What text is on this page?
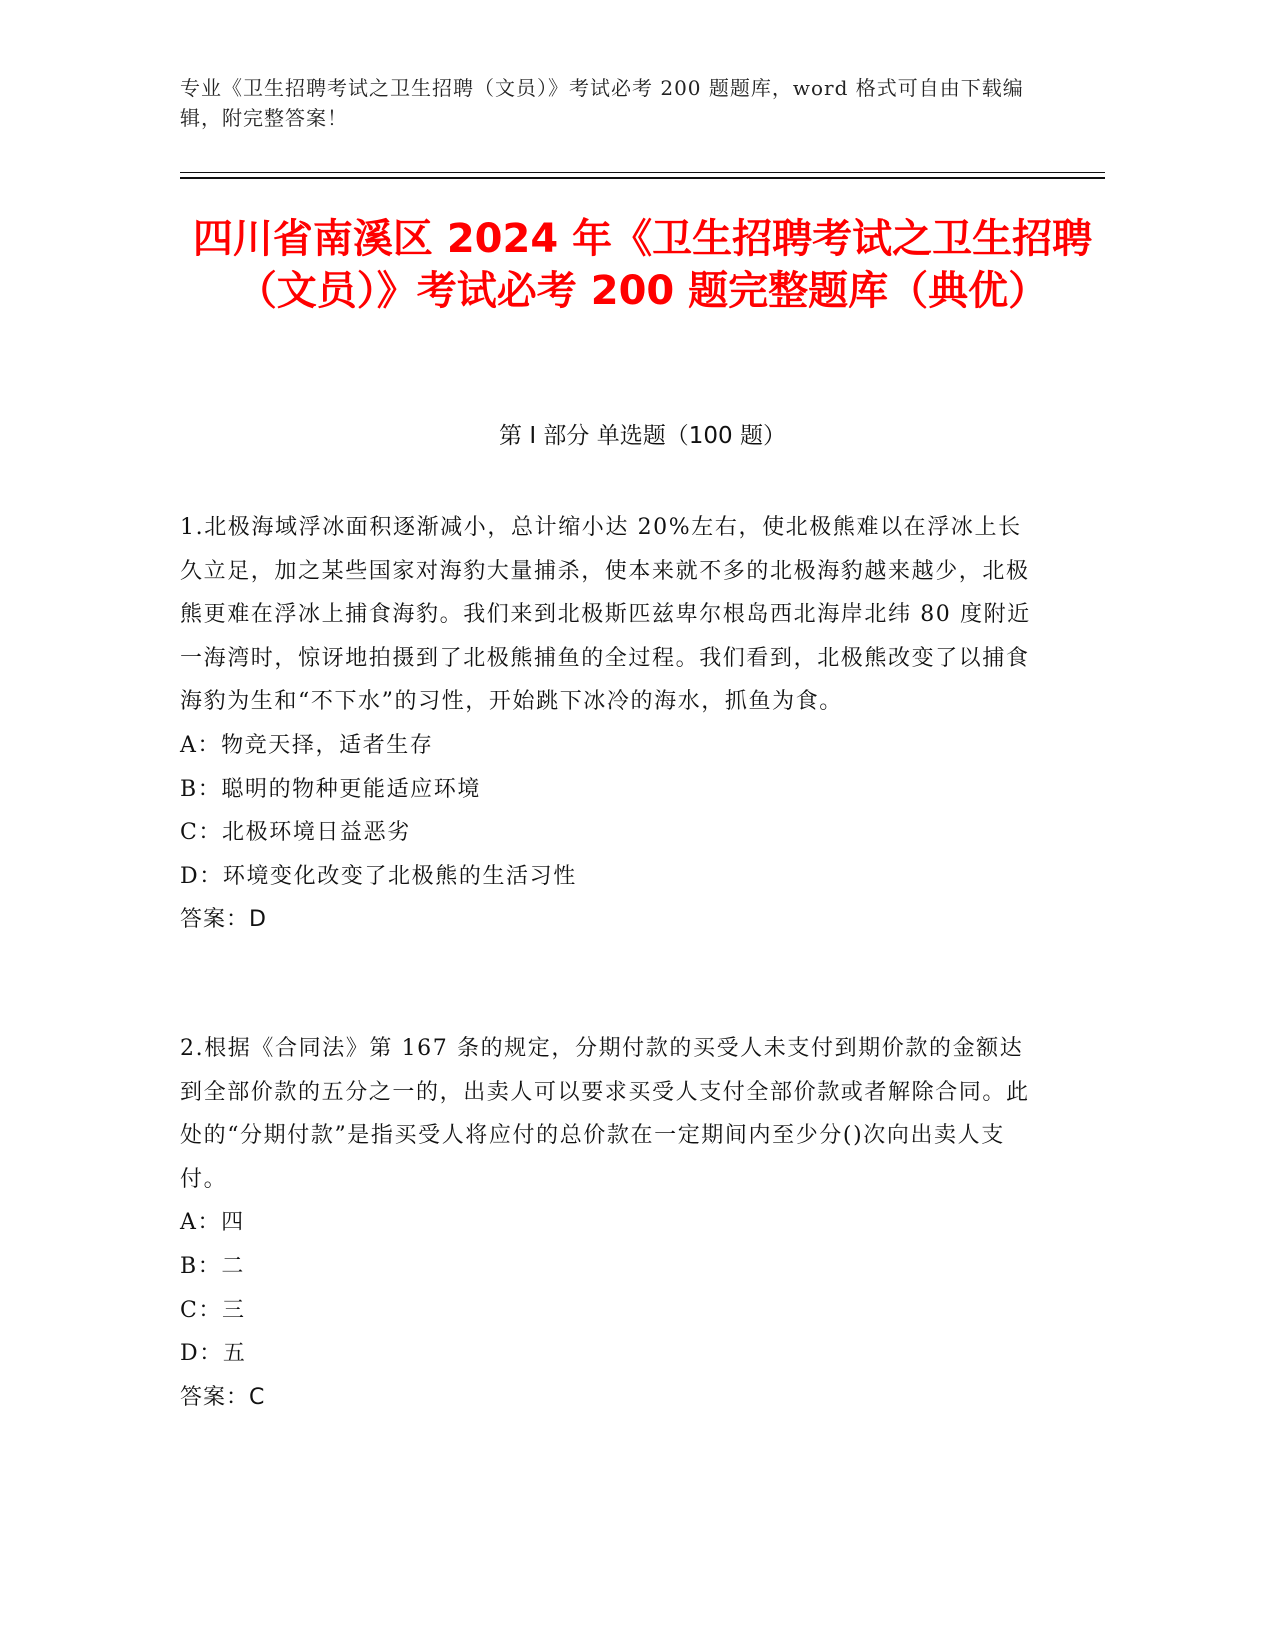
专业《卫生招聘考试之卫生招聘（文员）》考试必考 200 题题库，word 格式可自由下载编辑，附完整答案！
四川省南溪区 2024 年《卫生招聘考试之卫生招聘（文员）》考试必考 200 题完整题库（典优）
第 I 部分 单选题（100 题）

1.北极海域浮冰面积逐渐减小，总计缩小达 20%左右，使北极熊难以在浮冰上长久立足，加之某些国家对海豹大量捕杀，使本来就不多的北极海豹越来越少，北极熊更难在浮冰上捕食海豹。我们来到北极斯匹兹卑尔根岛西北海岸北纬 80 度附近一海湾时，惊讶地拍摄到了北极熊捕鱼的全过程。我们看到，北极熊改变了以捕食海豹为生和“不下水”的习性，开始跳下冰冷的海水，抓鱼为食。

A：物竞天择，适者生存

B：聪明的物种更能适应环境

C：北极环境日益恶劣

D：环境变化改变了北极熊的生活习性

答案：D

2.根据《合同法》第 167 条的规定，分期付款的买受人未支付到期价款的金额达到全部价款的五分之一的，出卖人可以要求买受人支付全部价款或者解除合同。此处的“分期付款”是指买受人将应付的总价款在一定期间内至少分()次向出卖人支付。

A：四

B：二

C：三

D：五

答案：C
